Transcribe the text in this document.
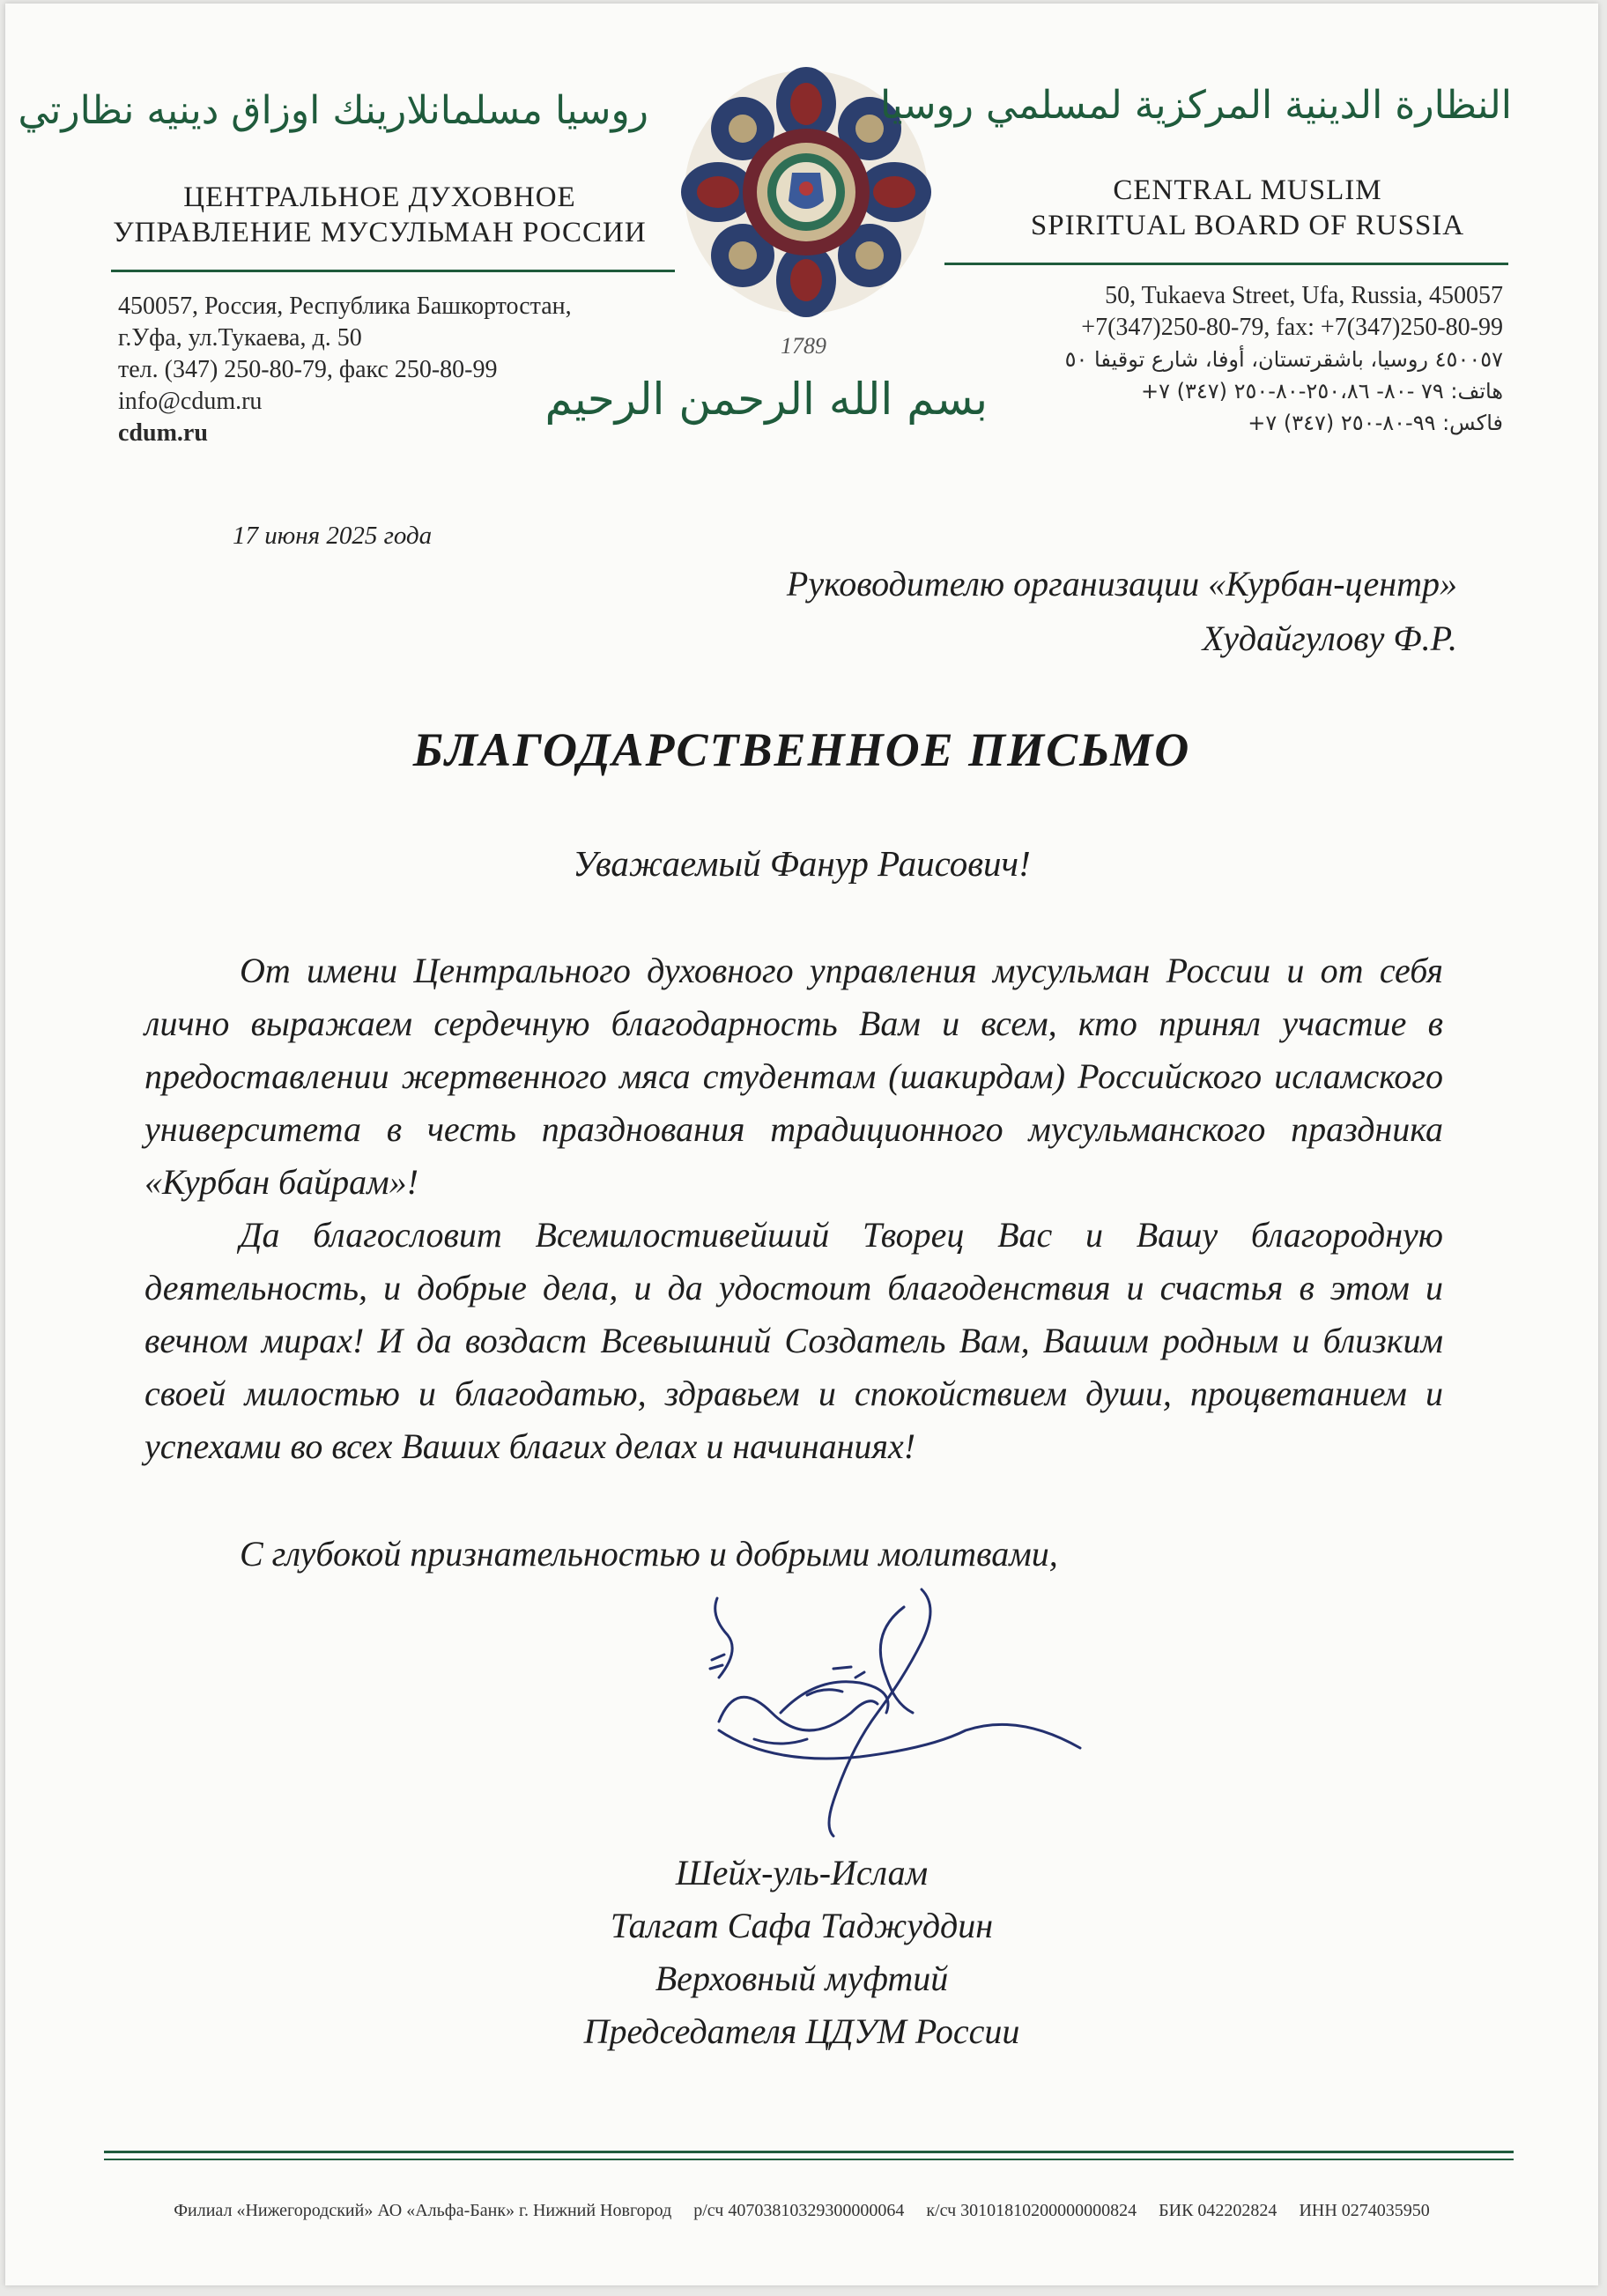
روسيا مسلمانلارينك اوزاق دينيه نظارتي
ЦЕНТРАЛЬНОЕ ДУХОВНОЕ
УПРАВЛЕНИЕ МУСУЛЬМАН РОССИИ
450057, Россия, Республика Башкортостан,
г.Уфа, ул.Тукаева, д. 50
тел. (347) 250-80-79, факс 250-80-99
info@cdum.ru
cdum.ru
1789
بسم الله الرحمن الرحيم
النظارة الدينية المركزية لمسلمي روسيا
CENTRAL MUSLIM
SPIRITUAL BOARD OF RUSSIA
50, Tukaeva Street, Ufa, Russia, 450057
+7(347)250-80-79, fax: +7(347)250-80-99
٤٥٠٠٥٧ روسيا، باشقرتستان، أوفا، شارع توقيفا ٥٠
هاتف: ٧٩ -٨٠- ٢٥٠،٨٦-٨٠-٢٥٠ (٣٤٧) ٧+
فاكس: ٩٩-٨٠-٢٥٠ (٣٤٧) ٧+
17 июня 2025 года
Руководителю организации «Курбан-центр»
Худайгулову Ф.Р.
БЛАГОДАРСТВЕННОЕ ПИСЬМО
Уважаемый Фанур Раисович!

От имени Центрального духовного управления мусульман России и от себя лично выражаем сердечную благодарность Вам и всем, кто принял участие в предоставлении жертвенного мяса студентам (шакирдам) Российского исламского университета в честь празднования традиционного мусульманского праздника «Курбан байрам»!

Да благословит Всемилостивейший Творец Вас и Вашу благородную деятельность, и добрые дела, и да удостоит благоденствия и счастья в этом и вечном мирах! И да воздаст Всевышний Создатель Вам, Вашим родным и близким своей милостью и благодатью, здравьем и спокойствием души, процветанием и успехами во всех Ваших благих делах и начинаниях!

С глубокой признательностью и добрыми молитвами,
Шейх-уль-Ислам
Талгат Сафа Таджуддин
Верховный муфтий
Председателя ЦДУМ России
Филиал «Нижегородский» АО «Альфа-Банк» г. Нижний Новгород р/сч 40703810329300000064 к/сч 30101810200000000824 БИК 042202824 ИНН 0274035950
